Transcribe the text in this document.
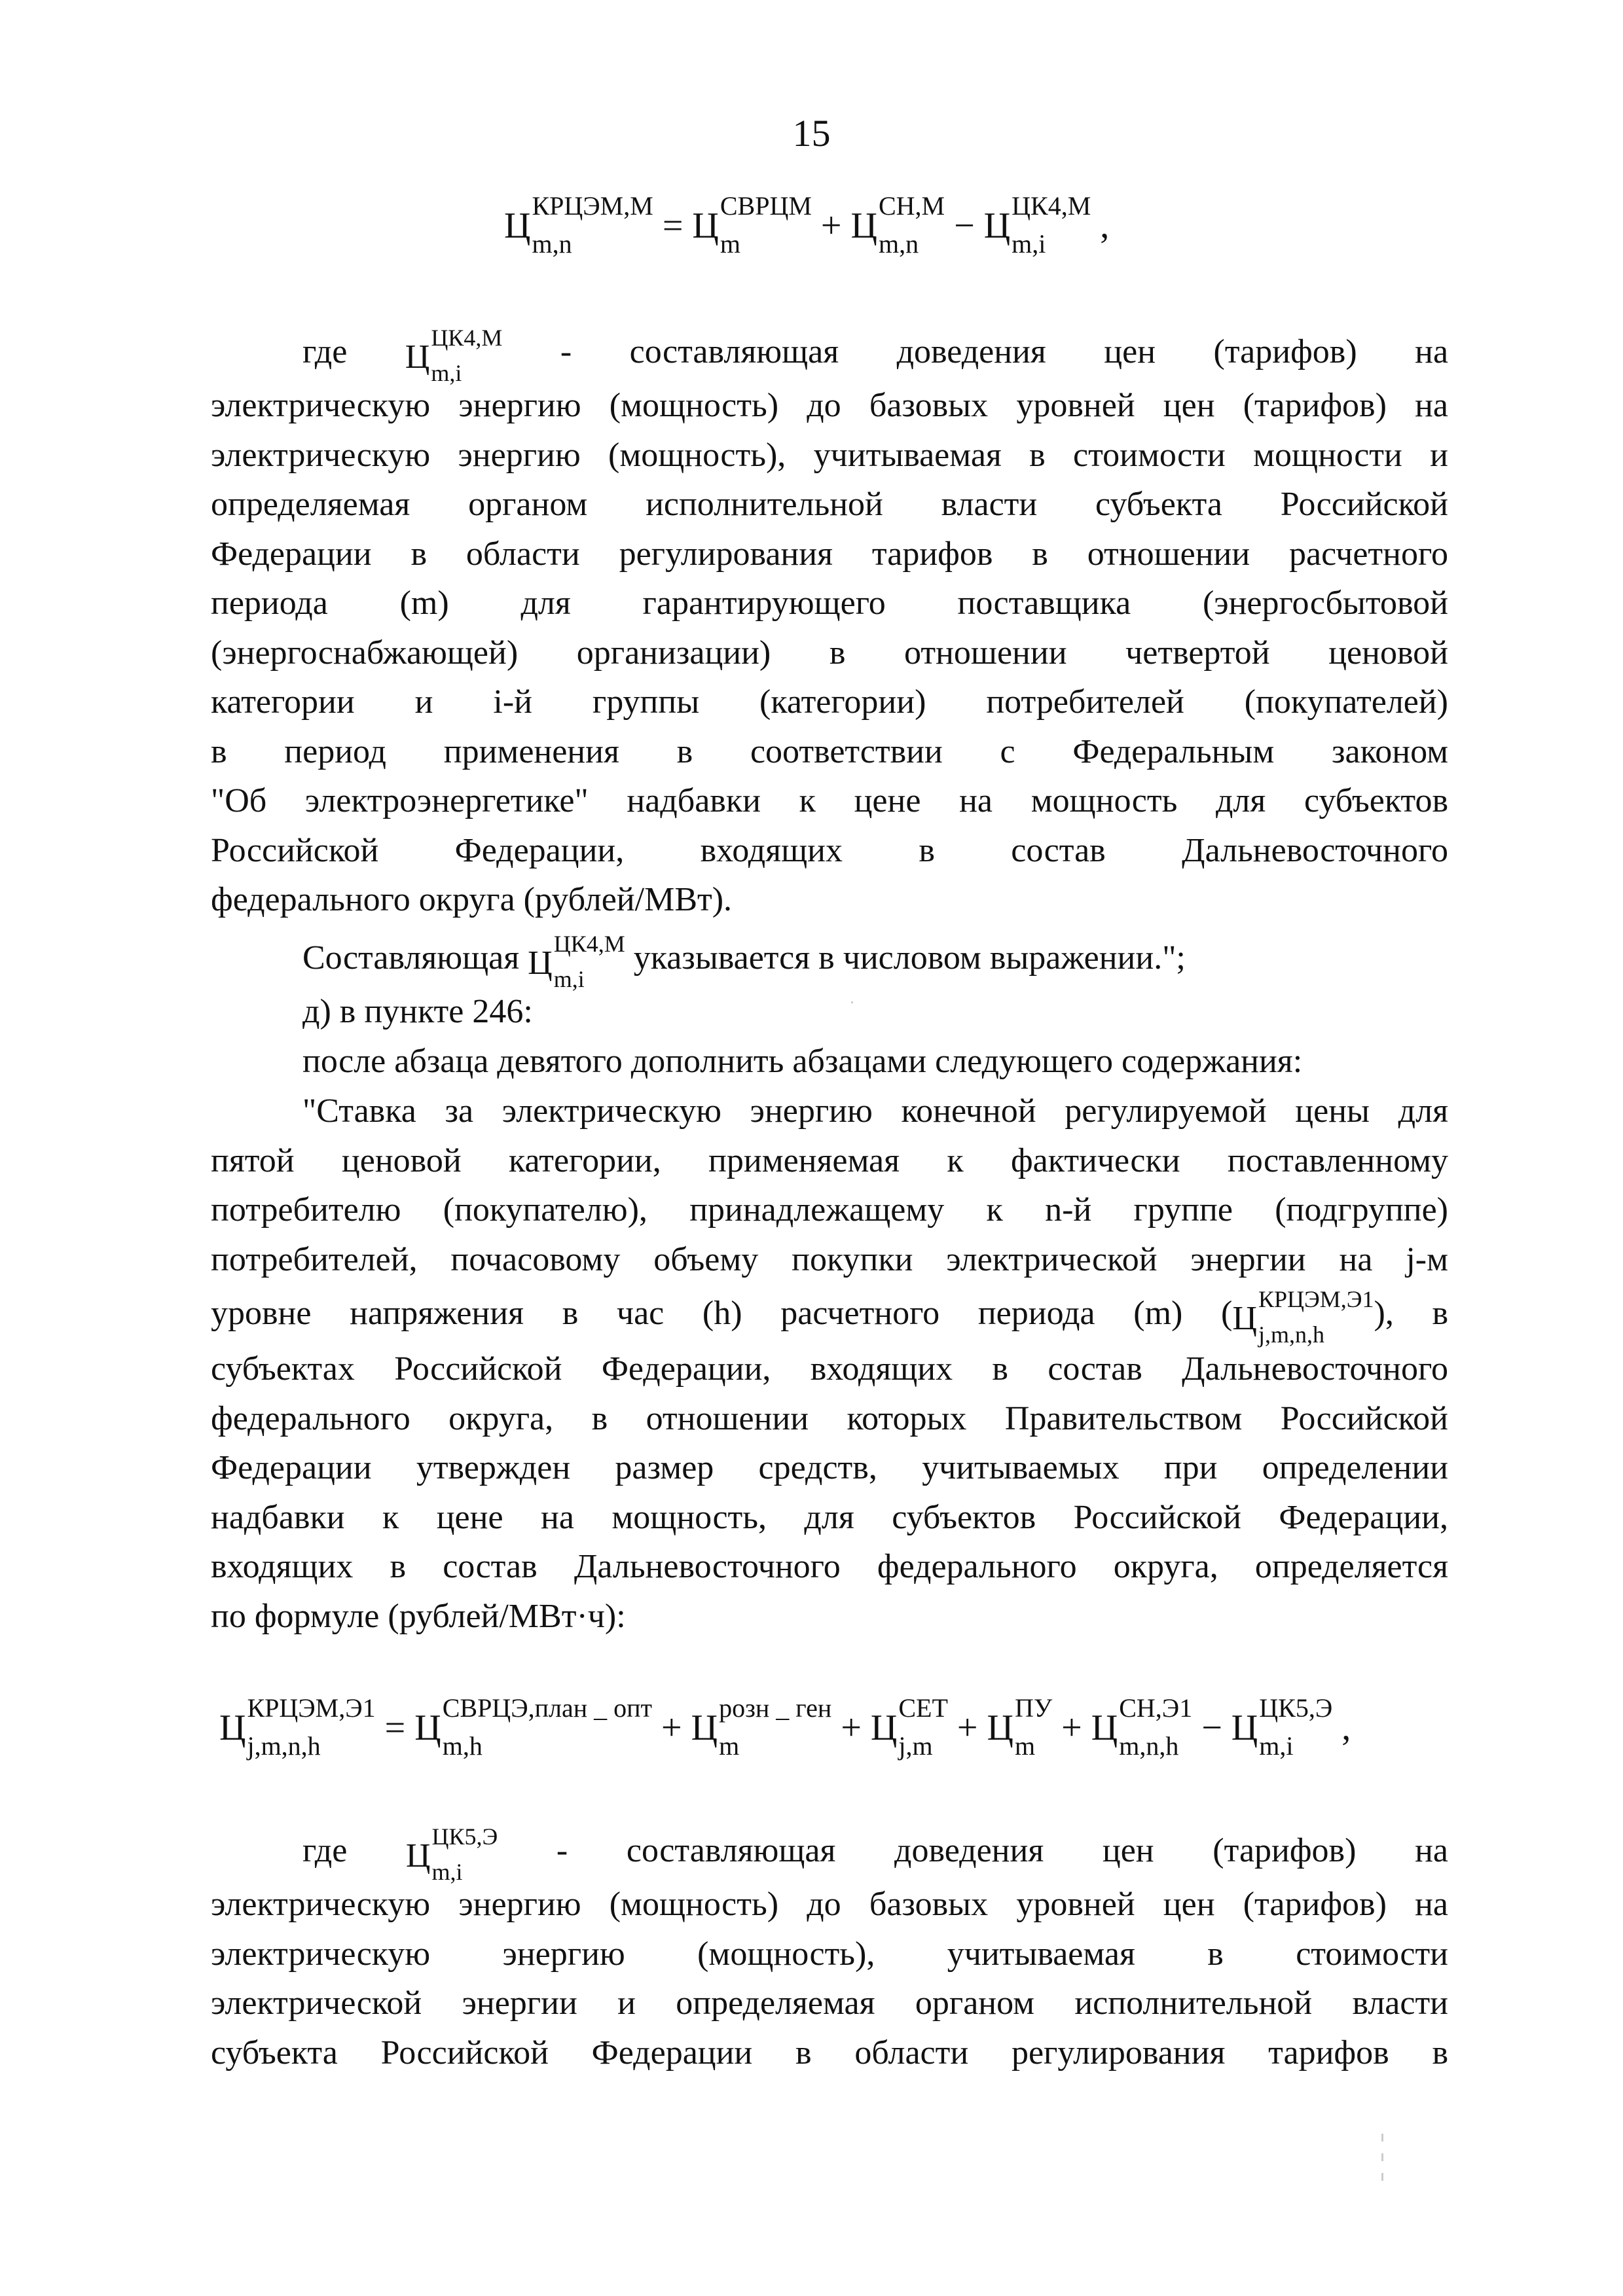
15
Ц КРЦЭМ,М
m,n	= Ц СВРЦМ
m	+ Ц СН,М
m,n − Ц ЦК4,М
m,i	,

где Ц
ЦК4,М
m,i
- составляющая доведения цен (тарифов) на

электрическую энергию (мощность) до базовых уровней цен (тарифов) на

электрическую энергию (мощность), учитываемая в стоимости мощности и

определяемая органом исполнительной власти субъекта Российской

Федерации в области регулирования тарифов в отношении расчетного

периода (m) для гарантирующего поставщика (энергосбытовой

(энергоснабжающей) организации) в отношении четвертой ценовой

категории и i-й группы (категории) потребителей (покупателей)

в период применения в соответствии с Федеральным законом

"Об электроэнергетике" надбавки к цене на мощность для субъектов

Российской Федерации, входящих в состав Дальневосточного

федерального округа (рублей/МВт).

Составляющая Ц
ЦК4,М
m,i
указывается в числовом выражении.";

д) в пункте 246:

после абзаца девятого дополнить абзацами следующего содержания:

"Ставка за электрическую энергию конечной регулируемой цены для

пятой ценовой категории, применяемая к фактически поставленному

потребителю (покупателю), принадлежащему к n-й группе (подгруппе)

потребителей, почасовому объему покупки электрической энергии на j-м

уровне напряжения в час (h) расчетного периода (m) (Ц
КРЦЭМ,Э1
j,m,n,h
), в

субъектах Российской Федерации, входящих в состав Дальневосточного

федерального округа, в отношении которых Правительством Российской

Федерации утвержден размер средств, учитываемых при определении

надбавки к цене на мощность, для субъектов Российской Федерации,

входящих в состав Дальневосточного федерального округа, определяется

по формуле (рублей/МВт·ч):

Ц КРЦЭМ,Э1
j,m,n,h	= Ц СВРЦЭ,план _ опт
m,h	+ Ц розн _ ген
m	+ Ц СЕТ
j,m + Ц ПУ
m + Ц СН,Э1
m,n,h − Ц ЦК5,Э
m,i	,

где Ц
ЦК5,Э
m,i
- составляющая доведения цен (тарифов) на

электрическую энергию (мощность) до базовых уровней цен (тарифов) на

электрическую энергию (мощность), учитываемая в стоимости

электрической энергии и определяемая органом исполнительной власти

субъекта Российской Федерации в области регулирования тарифов в
